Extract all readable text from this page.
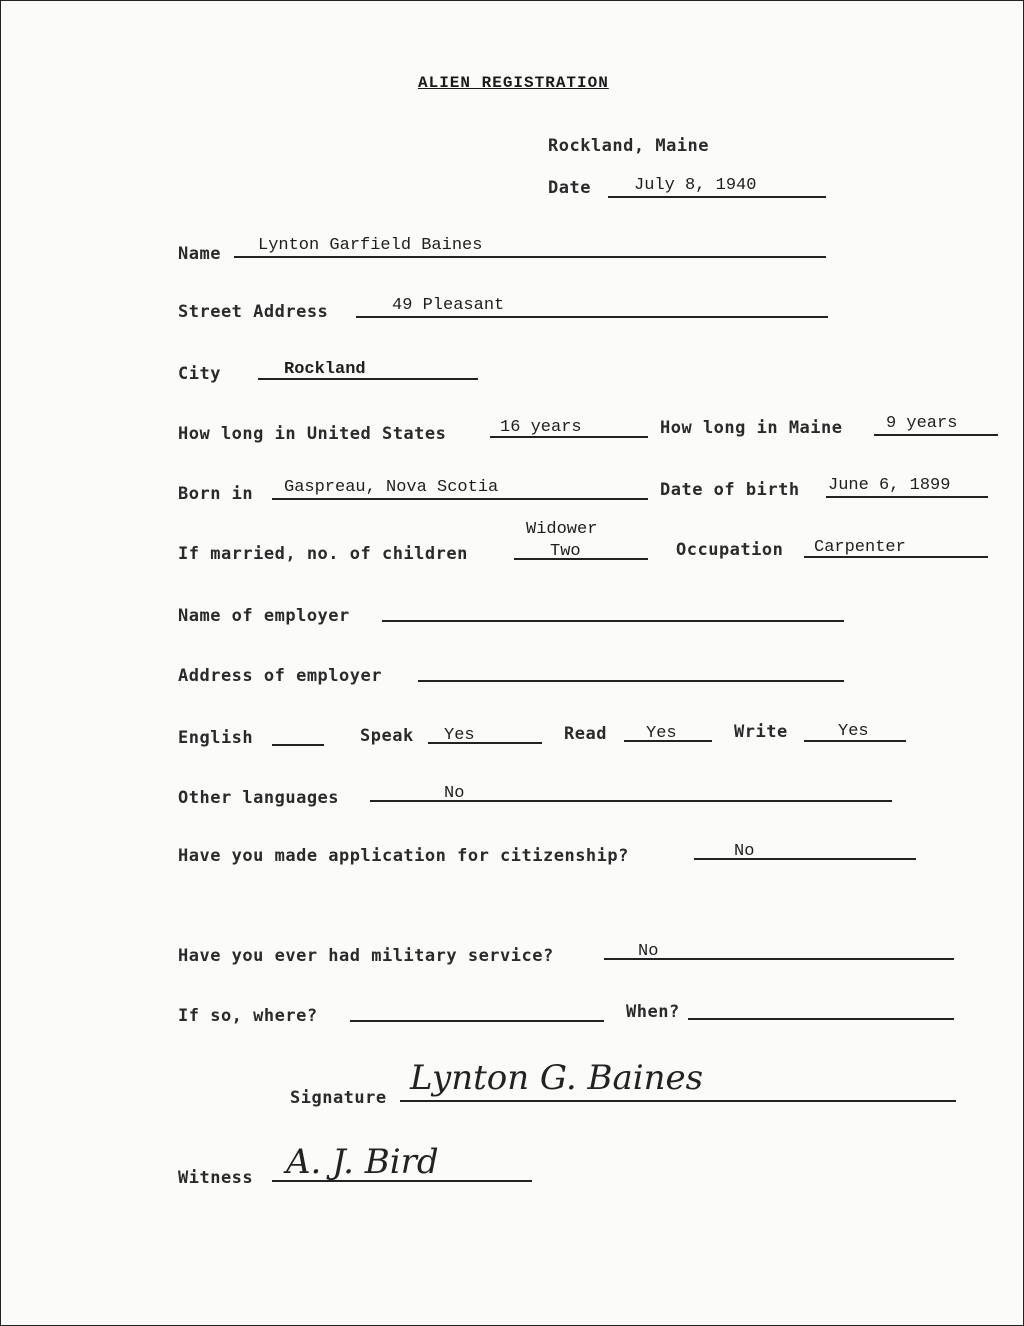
ALIEN REGISTRATION
Rockland, Maine
Date	July 8, 1940
Name Lynton Garfield Baines
Street Address	49 Pleasant
City	Rockland
How long in United States	16 years	How long in Maine	9 years
Born in Gaspreau, Nova Scotia	Date of birth June 6, 1899
Widower
If married, no. of children	Two	Occupation Carpenter
Name of employer
Address of employer
English	Speak Yes	Read Yes	Write	Yes
Other languages	No
Have you made application for citizenship?	No
Have you ever had military service?	No
If so, where?	When?
Signature Lynton G. Baines
Witness A. J. Bird
